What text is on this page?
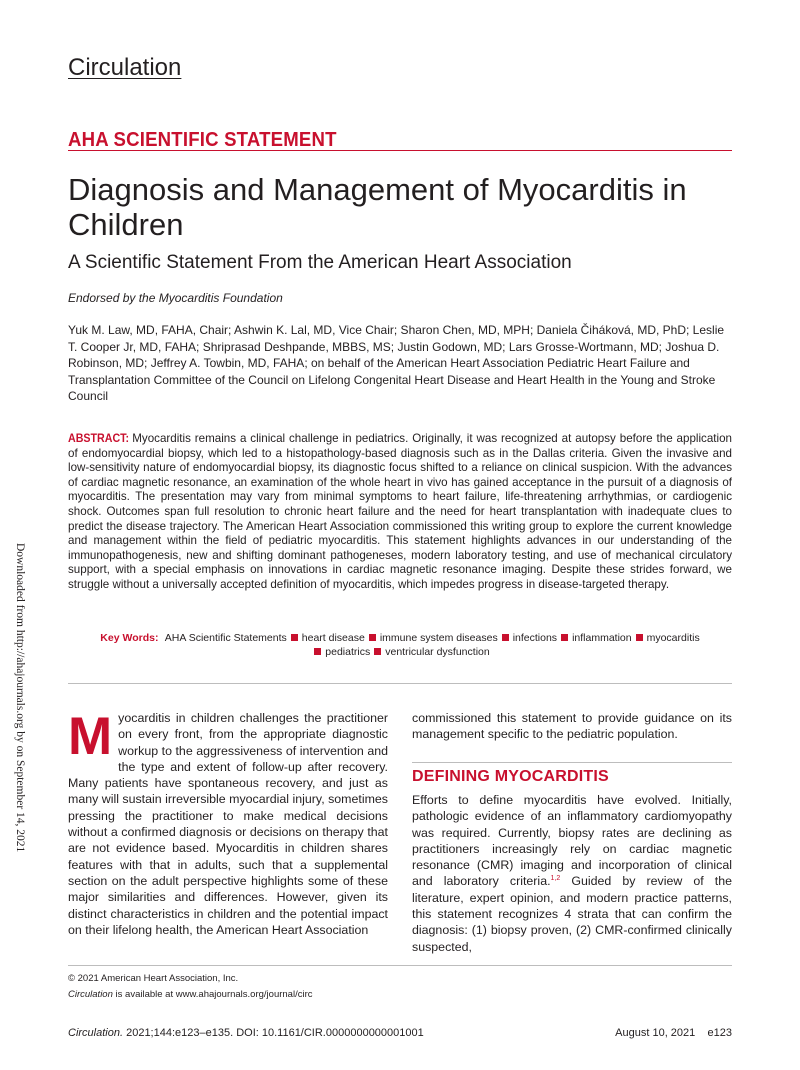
Circulation
AHA SCIENTIFIC STATEMENT
Diagnosis and Management of Myocarditis in Children
A Scientific Statement From the American Heart Association
Endorsed by the Myocarditis Foundation
Yuk M. Law, MD, FAHA, Chair; Ashwin K. Lal, MD, Vice Chair; Sharon Chen, MD, MPH; Daniela Čiháková, MD, PhD; Leslie T. Cooper Jr, MD, FAHA; Shriprasad Deshpande, MBBS, MS; Justin Godown, MD; Lars Grosse-Wortmann, MD; Joshua D. Robinson, MD; Jeffrey A. Towbin, MD, FAHA; on behalf of the American Heart Association Pediatric Heart Failure and Transplantation Committee of the Council on Lifelong Congenital Heart Disease and Heart Health in the Young and Stroke Council
ABSTRACT: Myocarditis remains a clinical challenge in pediatrics. Originally, it was recognized at autopsy before the application of endomyocardial biopsy, which led to a histopathology-based diagnosis such as in the Dallas criteria. Given the invasive and low-sensitivity nature of endomyocardial biopsy, its diagnostic focus shifted to a reliance on clinical suspicion. With the advances of cardiac magnetic resonance, an examination of the whole heart in vivo has gained acceptance in the pursuit of a diagnosis of myocarditis. The presentation may vary from minimal symptoms to heart failure, life-threatening arrhythmias, or cardiogenic shock. Outcomes span full resolution to chronic heart failure and the need for heart transplantation with inadequate clues to predict the disease trajectory. The American Heart Association commissioned this writing group to explore the current knowledge and management within the field of pediatric myocarditis. This statement highlights advances in our understanding of the immunopathogenesis, new and shifting dominant pathogeneses, modern laboratory testing, and use of mechanical circulatory support, with a special emphasis on innovations in cardiac magnetic resonance imaging. Despite these strides forward, we struggle without a universally accepted definition of myocarditis, which impedes progress in disease-targeted therapy.
Key Words: AHA Scientific Statements heart disease immune system diseases infections inflammation myocarditis
pediatrics ventricular dysfunction
Downloaded from http://ahajournals.org by on September 14, 2021 Myocarditis in children challenges the practitioner on every front, from the appropriate diagnostic workup to the aggressiveness of intervention and the type and extent of follow-up after recovery. Many patients have spontaneous recovery, and just as many will sustain irreversible myocardial injury, sometimes pressing the practitioner to make medical decisions without a confirmed diagnosis or decisions on therapy that are not evidence based. Myocarditis in children shares features with that in adults, such that a supplemental section on the adult perspective highlights some of these major similarities and differences. However, given its distinct characteristics in children and the potential impact on their lifelong health, the American Heart Association
commissioned this statement to provide guidance on its management specific to the pediatric population.
DEFINING MYOCARDITIS
Efforts to define myocarditis have evolved. Initially, pathologic evidence of an inflammatory cardiomyopathy was required. Currently, biopsy rates are declining as practitioners increasingly rely on cardiac magnetic resonance (CMR) imaging and incorporation of clinical and laboratory criteria.$^{1,2}$ Guided by review of the literature, expert opinion, and modern practice patterns, this statement recognizes 4 strata that can confirm the diagnosis: (1) biopsy proven, (2) CMR-confirmed clinically suspected,
© 2021 American Heart Association, Inc.
Circulation is available at www.ahajournals.org/journal/circ
Circulation. 2021;144:e123–e135. DOI: 10.1161/CIR.0000000000001001	August 10, 2021 e123
